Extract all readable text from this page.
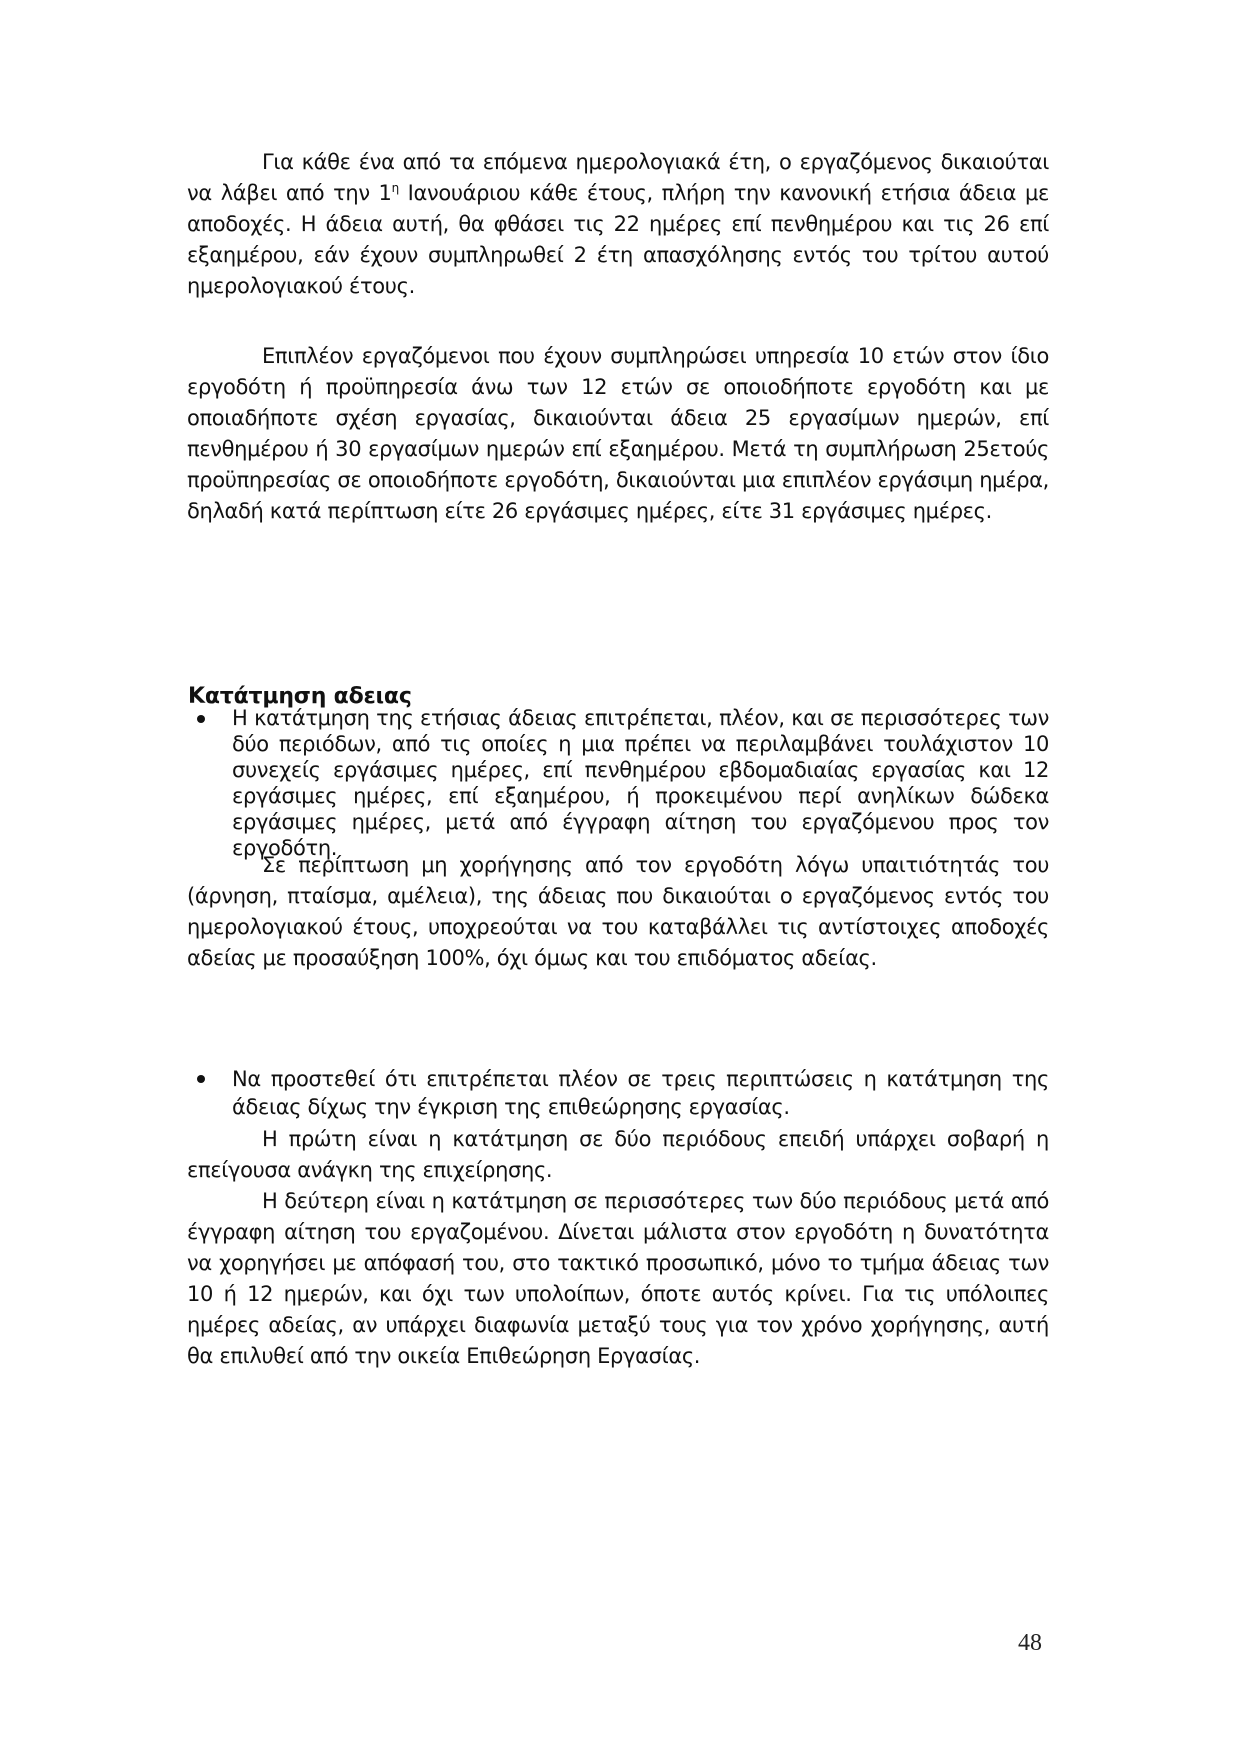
Για κάθε ένα από τα επόμενα ημερολογιακά έτη, ο εργαζόμενος δικαιούται να λάβει από την $1^\eta$ Ιανουάριου κάθε έτους, πλήρη την κανονική ετήσια άδεια με αποδοχές. Η άδεια αυτή, θα φθάσει τις 22 ημέρες επί πενθημέρου και τις 26 επί εξαημέρου, εάν έχουν συμπληρωθεί 2 έτη απασχόλησης εντός του τρίτου αυτού ημερολογιακού έτους.

Επιπλέον εργαζόμενοι που έχουν συμπληρώσει υπηρεσία 10 ετών στον ίδιο εργοδότη ή προϋπηρεσία άνω των 12 ετών σε οποιοδήποτε εργοδότη και με οποιαδήποτε σχέση εργασίας, δικαιούνται άδεια 25 εργασίμων ημερών, επί πενθημέρου ή 30 εργασίμων ημερών επί εξαημέρου. Μετά τη συμπλήρωση 25ετούς προϋπηρεσίας σε οποιοδήποτε εργοδότη, δικαιούνται μια επιπλέον εργάσιμη ημέρα, δηλαδή κατά περίπτωση είτε 26 εργάσιμες ημέρες, είτε 31 εργάσιμες ημέρες.

Κατάτμηση αδειας

Η κατάτμηση της ετήσιας άδειας επιτρέπεται, πλέον, και σε περισσότερες των δύο περιόδων, από τις οποίες η μια πρέπει να περιλαμβάνει τουλάχιστον 10 συνεχείς εργάσιμες ημέρες, επί πενθημέρου εβδομαδιαίας εργασίας και 12 εργάσιμες ημέρες, επί εξαημέρου, ή προκειμένου περί ανηλίκων δώδεκα εργάσιμες ημέρες, μετά από έγγραφη αίτηση του εργαζόμενου προς τον εργοδότη.

Σε περίπτωση μη χορήγησης από τον εργοδότη λόγω υπαιτιότητάς του (άρνηση, πταίσμα, αμέλεια), της άδειας που δικαιούται ο εργαζόμενος εντός του ημερολογιακού έτους, υποχρεούται να του καταβάλλει τις αντίστοιχες αποδοχές αδείας με προσαύξηση 100%, όχι όμως και του επιδόματος αδείας.

Να προστεθεί ότι επιτρέπεται πλέον σε τρεις περιπτώσεις η κατάτμηση της άδειας δίχως την έγκριση της επιθεώρησης εργασίας.

Η πρώτη είναι η κατάτμηση σε δύο περιόδους επειδή υπάρχει σοβαρή η επείγουσα ανάγκη της επιχείρησης.

Η δεύτερη είναι η κατάτμηση σε περισσότερες των δύο περιόδους μετά από έγγραφη αίτηση του εργαζομένου. Δίνεται μάλιστα στον εργοδότη η δυνατότητα να χορηγήσει με απόφασή του, στο τακτικό προσωπικό, μόνο το τμήμα άδειας των 10 ή 12 ημερών, και όχι των υπολοίπων, όποτε αυτός κρίνει. Για τις υπόλοιπες ημέρες αδείας, αν υπάρχει διαφωνία μεταξύ τους για τον χρόνο χορήγησης, αυτή θα επιλυθεί από την οικεία Επιθεώρηση Εργασίας.

48
